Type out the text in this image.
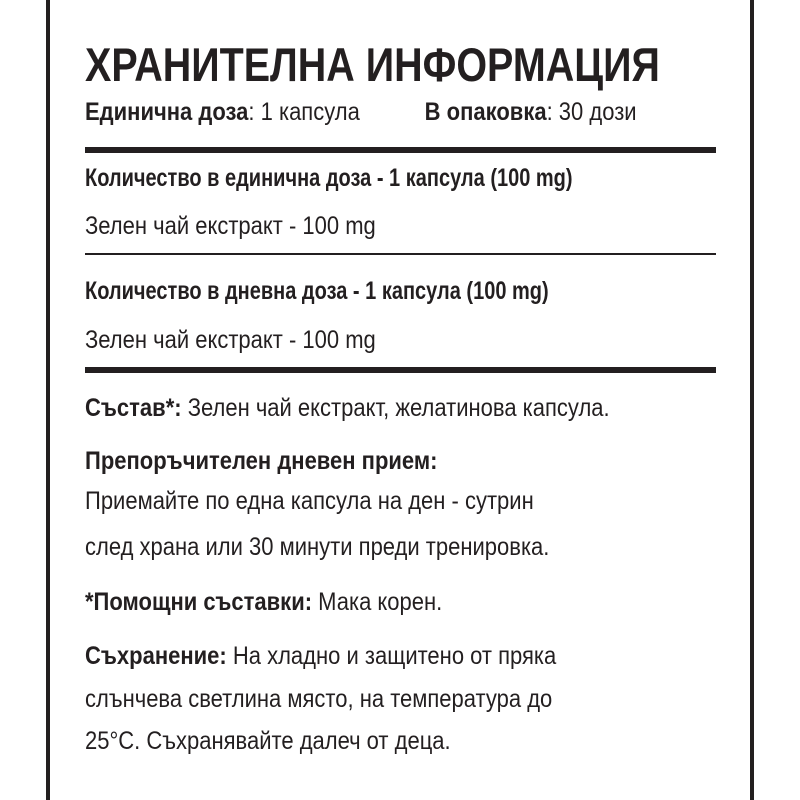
ХРАНИТЕЛНА ИНФОРМАЦИЯ
Единична доза: 1 капсула	В опаковка: 30 дози
Количество в единична доза - 1 капсула (100 mg)
Зелен чай екстракт - 100 mg
Количество в дневна доза - 1 капсула (100 mg)
Зелен чай екстракт - 100 mg
Състав*: Зелен чай екстракт, желатинова капсула.
Препоръчителен дневен прием:
Приемайте по една капсула на ден - сутрин
след храна или 30 минути преди тренировка.
*Помощни съставки: Мака корен.
Съхранение: На хладно и защитено от пряка
слънчева светлина място, на температура до
25°C. Съхранявайте далеч от деца.
